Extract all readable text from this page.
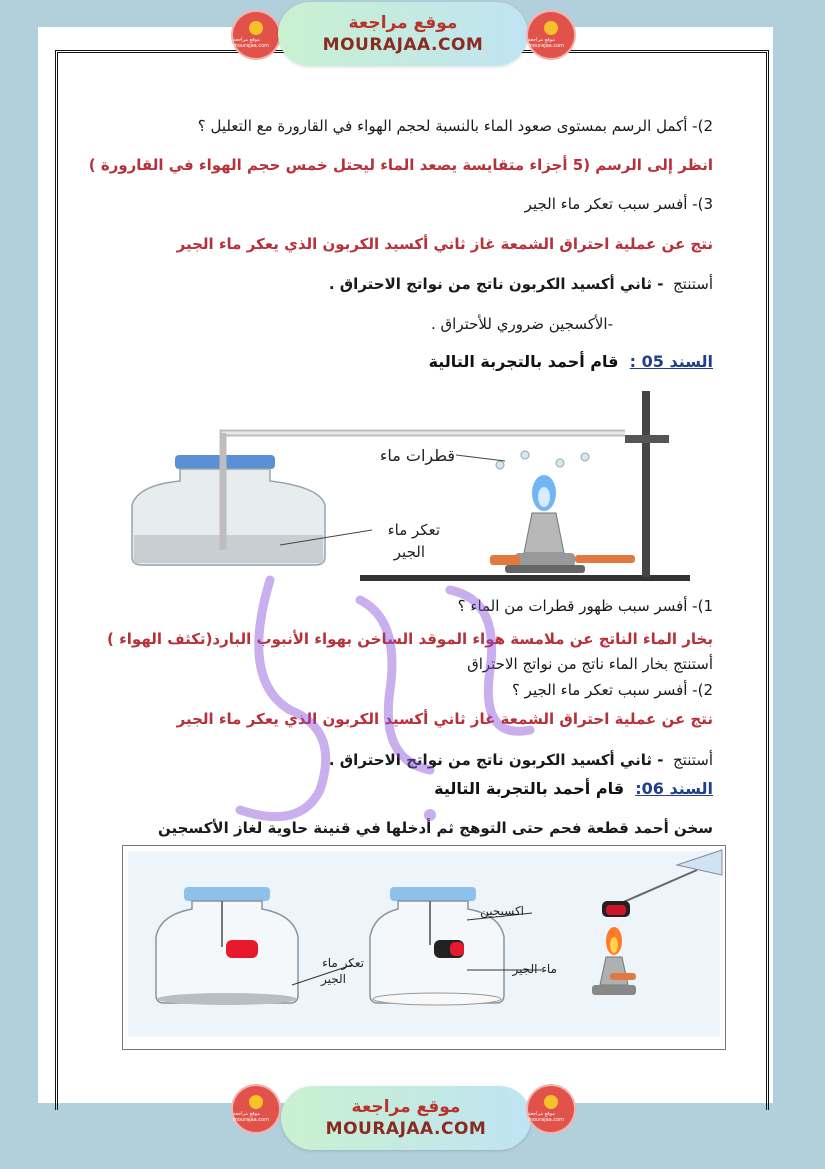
موقع مراجعة mourajaa.com
موقع مراجعة
MOURAJAA.COM	موقع مراجعة mourajaa.com
2)- أكمل الرسم بمستوى صعود الماء بالنسبة لحجم الهواء في القارورة مع التعليل ؟
انظر إلى الرسم (5 أجزاء متقايسة يصعد الماء ليحتل خمس حجم الهواء في القارورة )
3)- أفسر سبب تعكر ماء الجير
نتج عن عملية احتراق الشمعة غاز ثاني أكسيد الكربون الذي يعكر ماء الجير
أستنتج  - ثاني أكسيد الكربون ناتج من نواتج الاحتراق .
-الأكسجين ضروري للأحتراق .
السند 05 :  قام أحمد بالتجربة التالية
قطرات ماء
تعكر ماء
الجير
1)- أفسر سبب ظهور قطرات من الماء ؟
بخار الماء الناتج عن ملامسة هواء الموقد الساخن بهواء الأنبوب البارد(تكثف الهواء )
أستنتج بخار الماء ناتج من نواتج الاحتراق
2)- أفسر سبب تعكر ماء الجير ؟
نتج عن عملية احتراق الشمعة غاز ثاني أكسيد الكربون الذي يعكر ماء الجير
أستنتج  - ثاني أكسيد الكربون ناتج من نواتج الاحتراق .
السند 06:  قام أحمد بالتجربة التالية
سخن أحمد قطعة فحم حتى التوهج ثم أدخلها في قنينة حاوية لغاز الأكسجين
اكسيجين
ماء الجير
تعكر ماء
الجير
موقع مراجعة mourajaa.com
موقع مراجعة
MOURAJAA.COM
موقع مراجعة mourajaa.com
